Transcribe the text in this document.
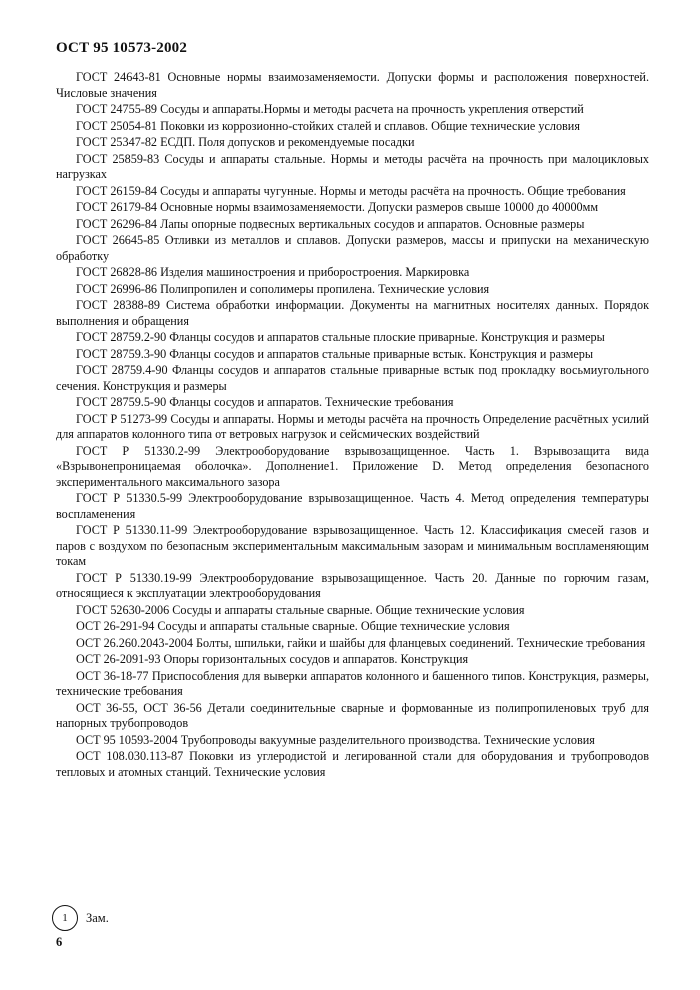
ОСТ 95 10573-2002
ГОСТ 24643-81 Основные нормы взаимозаменяемости. Допуски формы и расположения поверхностей. Числовые значения
ГОСТ 24755-89 Сосуды и аппараты.Нормы и методы расчета на прочность укрепления отверстий
ГОСТ 25054-81 Поковки из коррозионно-стойких сталей и сплавов. Общие технические условия
ГОСТ 25347-82 ЕСДП. Поля допусков и рекомендуемые посадки
ГОСТ 25859-83 Сосуды и аппараты стальные. Нормы и методы расчёта на прочность при малоцикловых нагрузках
ГОСТ 26159-84 Сосуды и аппараты чугунные. Нормы и методы расчёта на прочность. Общие требования
ГОСТ 26179-84 Основные нормы взаимозаменяемости. Допуски размеров свыше 10000 до 40000мм
ГОСТ 26296-84 Лапы опорные подвесных вертикальных сосудов и аппаратов. Основные размеры
ГОСТ 26645-85 Отливки из металлов и сплавов. Допуски размеров, массы и припуски на механическую обработку
ГОСТ 26828-86 Изделия машиностроения и приборостроения. Маркировка
ГОСТ 26996-86 Полипропилен и сополимеры пропилена. Технические условия
ГОСТ 28388-89 Система обработки информации. Документы на магнитных носителях данных. Порядок выполнения и обращения
ГОСТ 28759.2-90 Фланцы сосудов и аппаратов стальные плоские приварные. Конструкция и размеры
ГОСТ 28759.3-90 Фланцы сосудов и аппаратов стальные приварные встык. Конструкция и размеры
ГОСТ 28759.4-90 Фланцы сосудов и аппаратов стальные приварные встык под прокладку восьмиугольного сечения. Конструкция и размеры
ГОСТ 28759.5-90 Фланцы сосудов и аппаратов. Технические требования
ГОСТ Р 51273-99 Сосуды и аппараты. Нормы и методы расчёта на прочность Определение расчётных усилий для аппаратов колонного типа от ветровых нагрузок и сейсмических воздействий
ГОСТ Р 51330.2-99 Электрооборудование взрывозащищенное. Часть 1. Взрывозащита вида «Взрывонепроницаемая оболочка». Дополнение1. Приложение D. Метод определения безопасного экспериментального максимального зазора
ГОСТ Р 51330.5-99 Электрооборудование взрывозащищенное. Часть 4. Метод определения температуры воспламенения
ГОСТ Р 51330.11-99 Электрооборудование взрывозащищенное. Часть 12. Классификация смесей газов и паров с воздухом по безопасным экспериментальным максимальным зазорам и минимальным воспламеняющим токам
ГОСТ Р 51330.19-99 Электрооборудование взрывозащищенное. Часть 20. Данные по горючим газам, относящиеся к эксплуатации электрооборудования
ГОСТ 52630-2006 Сосуды и аппараты стальные сварные. Общие технические условия
ОСТ 26-291-94 Сосуды и аппараты стальные сварные. Общие технические условия
ОСТ 26.260.2043-2004 Болты, шпильки, гайки и шайбы для фланцевых соединений. Технические требования
ОСТ 26-2091-93 Опоры горизонтальных сосудов и аппаратов. Конструкция
ОСТ 36-18-77 Приспособления для выверки аппаратов колонного и башенного типов. Конструкция, размеры, технические требования
ОСТ 36-55, ОСТ 36-56 Детали соединительные сварные и формованные из полипропиленовых труб для напорных трубопроводов
ОСТ 95 10593-2004 Трубопроводы вакуумные разделительного производства. Технические условия
ОСТ 108.030.113-87 Поковки из углеродистой и легированной стали для оборудования и трубопроводов тепловых и атомных станций. Технические условия
1 Зам.
6
